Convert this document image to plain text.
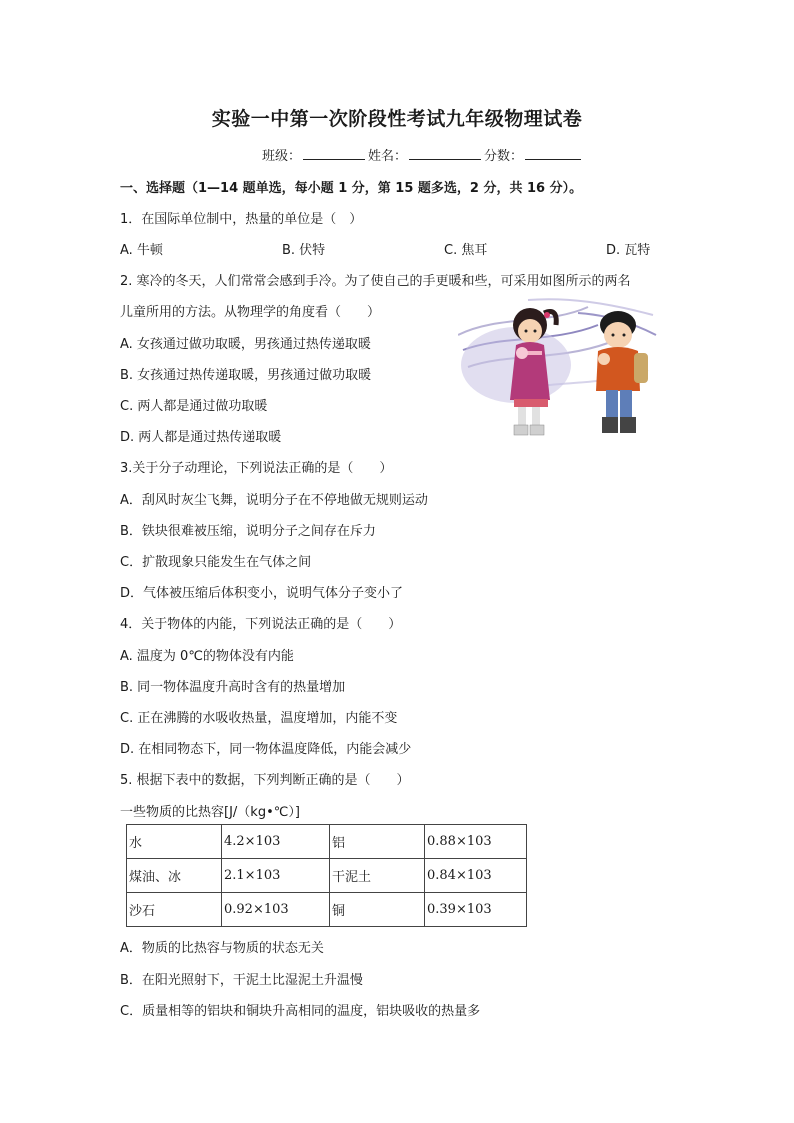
实验一中第一次阶段性考试九年级物理试卷
班级：	姓名：	分数：
一、选择题（1—14 题单选，每小题 1 分，第 15 题多选，2 分，共 16 分）。
1．在国际单位制中，热量的单位是（　）
A. 牛顿	B. 伏特	C. 焦耳	D. 瓦特
2. 寒冷的冬天，人们常常会感到手冷。为了使自己的手更暖和些，可采用如图所示的两名
儿童所用的方法。从物理学的角度看（　　）
A. 女孩通过做功取暖，男孩通过热传递取暖
B. 女孩通过热传递取暖，男孩通过做功取暖
C. 两人都是通过做功取暖
D. 两人都是通过热传递取暖
3.关于分子动理论，下列说法正确的是（　　）
A．刮风时灰尘飞舞，说明分子在不停地做无规则运动
B．铁块很难被压缩，说明分子之间存在斥力
C．扩散现象只能发生在气体之间
D．气体被压缩后体积变小，说明气体分子变小了
4．关于物体的内能，下列说法正确的是（　　）
A. 温度为 0℃的物体没有内能
B. 同一物体温度升高时含有的热量增加
C. 正在沸腾的水吸收热量，温度增加，内能不变
D. 在相同物态下，同一物体温度降低，内能会减少
5. 根据下表中的数据，下列判断正确的是（　　）
一些物质的比热容[J/（kg•℃）]
水	4.2×103	铝	0.88×103
煤油、冰	2.1×103	干泥土	0.84×103
沙石	0.92×103	铜	0.39×103
A．物质的比热容与物质的状态无关
B．在阳光照射下，干泥土比湿泥土升温慢
C．质量相等的铝块和铜块升高相同的温度，铝块吸收的热量多
